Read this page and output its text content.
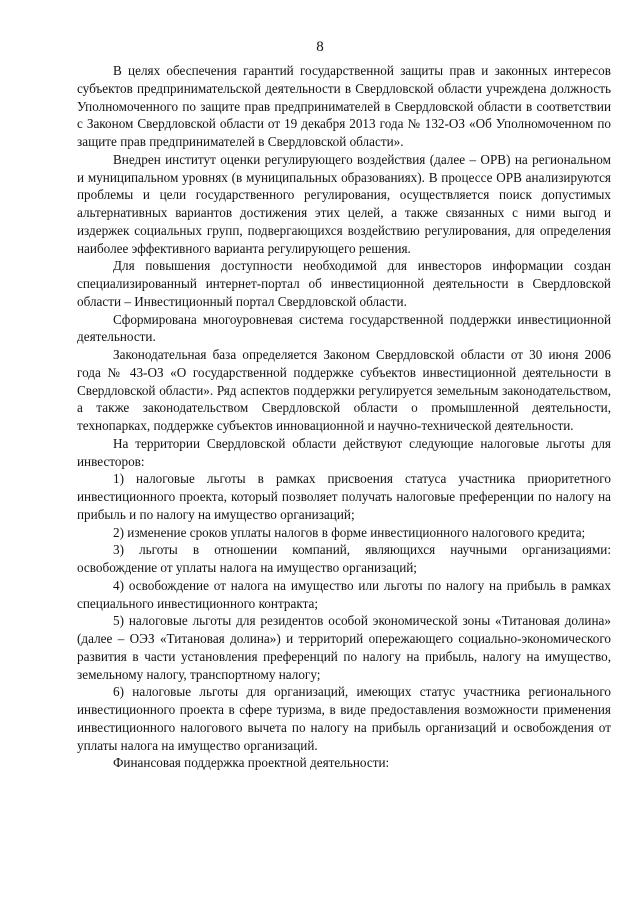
8

В целях обеспечения гарантий государственной защиты прав и законных интересов субъектов предпринимательской деятельности в Свердловской области учреждена должность Уполномоченного по защите прав предпринимателей в Свердловской области в соответствии с Законом Свердловской области от 19 декабря 2013 года № 132-ОЗ «Об Уполномоченном по защите прав предпринимателей в Свердловской области».

Внедрен институт оценки регулирующего воздействия (далее – ОРВ) на региональном и муниципальном уровнях (в муниципальных образованиях). В процессе ОРВ анализируются проблемы и цели государственного регулирования, осуществляется поиск допустимых альтернативных вариантов достижения этих целей, а также связанных с ними выгод и издержек социальных групп, подвергающихся воздействию регулирования, для определения наиболее эффективного варианта регулирующего решения.

Для повышения доступности необходимой для инвесторов информации создан специализированный интернет-портал об инвестиционной деятельности в Свердловской области – Инвестиционный портал Свердловской области.

Сформирована многоуровневая система государственной поддержки инвестиционной деятельности.

Законодательная база определяется Законом Свердловской области от 30 июня 2006 года № 43-ОЗ «О государственной поддержке субъектов инвестиционной деятельности в Свердловской области». Ряд аспектов поддержки регулируется земельным законодательством, а также законодательством Свердловской области о промышленной деятельности, технопарках, поддержке субъектов инновационной и научно-технической деятельности.

На территории Свердловской области действуют следующие налоговые льготы для инвесторов:

1) налоговые льготы в рамках присвоения статуса участника приоритетного инвестиционного проекта, который позволяет получать налоговые преференции по налогу на прибыль и по налогу на имущество организаций;

2) изменение сроков уплаты налогов в форме инвестиционного налогового кредита;

3) льготы в отношении компаний, являющихся научными организациями: освобождение от уплаты налога на имущество организаций;

4) освобождение от налога на имущество или льготы по налогу на прибыль в рамках специального инвестиционного контракта;

5) налоговые льготы для резидентов особой экономической зоны «Титановая долина» (далее – ОЭЗ «Титановая долина») и территорий опережающего социально-экономического развития в части установления преференций по налогу на прибыль, налогу на имущество, земельному налогу, транспортному налогу;

6) налоговые льготы для организаций, имеющих статус участника регионального инвестиционного проекта в сфере туризма, в виде предоставления возможности применения инвестиционного налогового вычета по налогу на прибыль организаций и освобождения от уплаты налога на имущество организаций.

Финансовая поддержка проектной деятельности:
